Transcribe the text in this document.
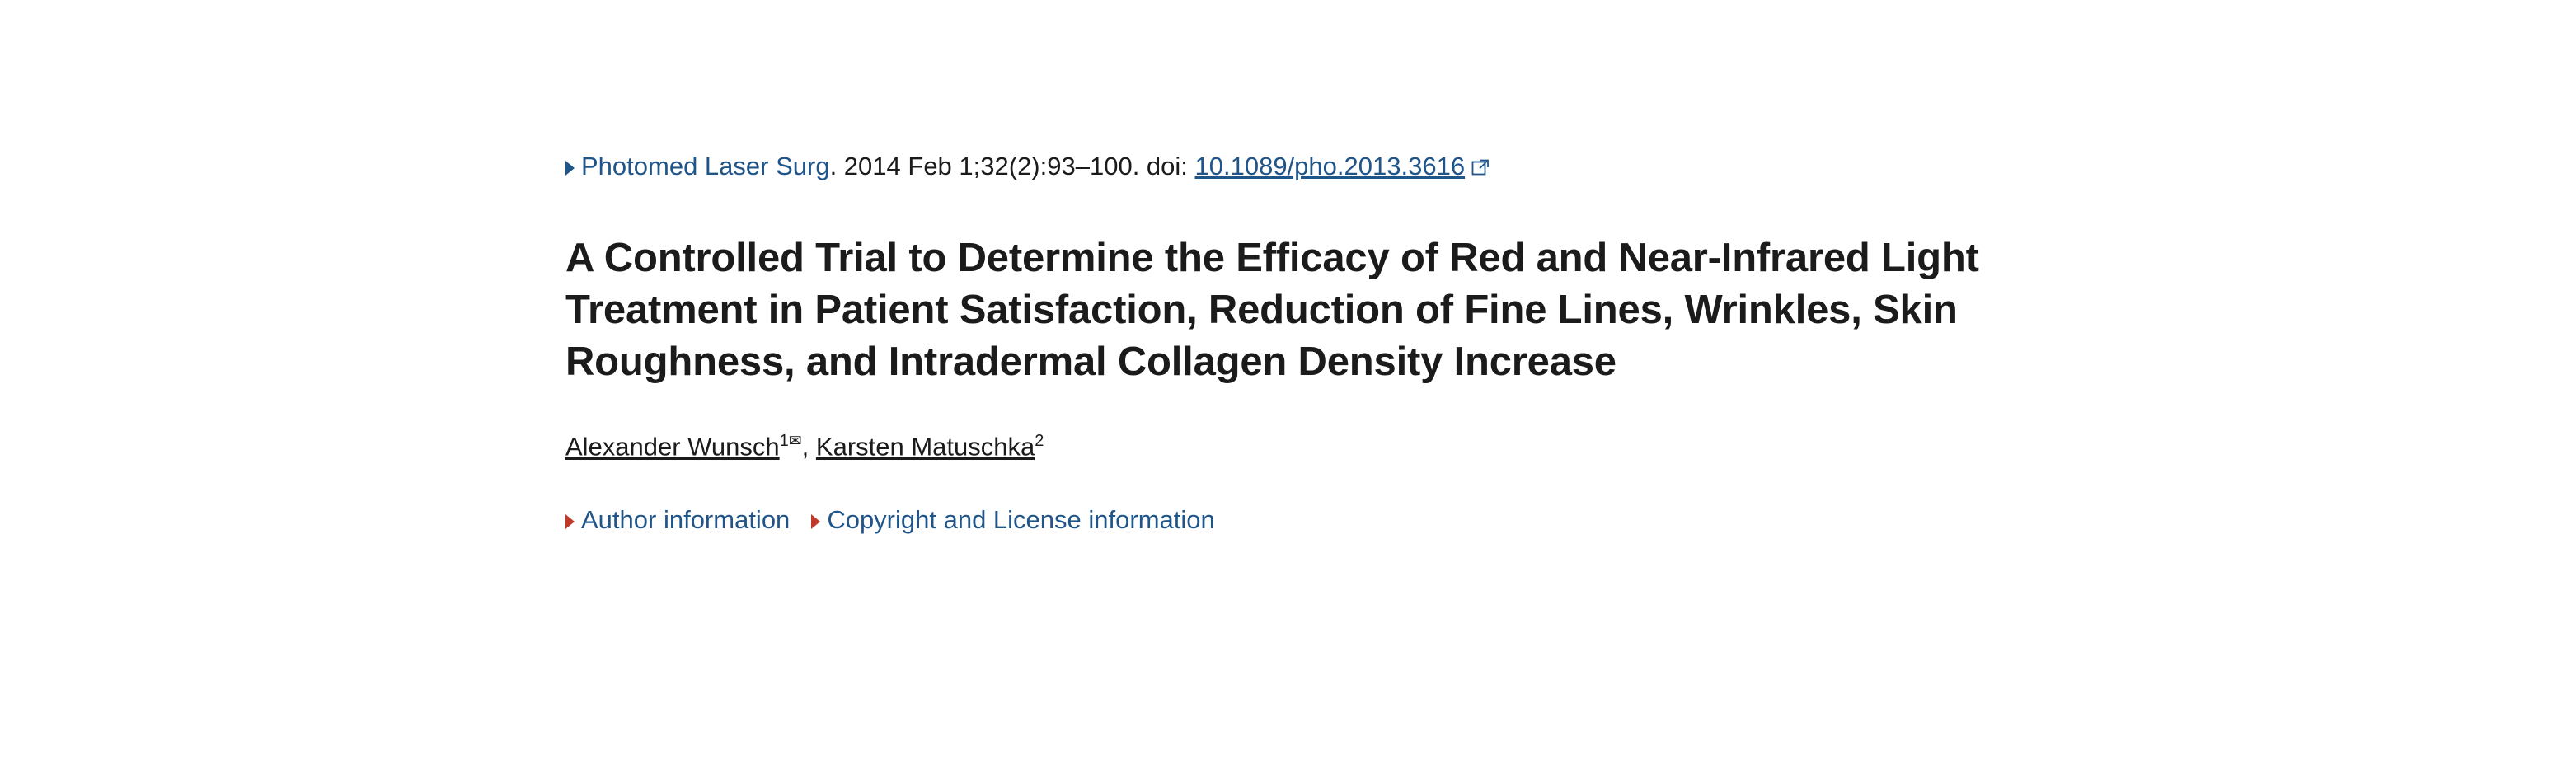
Photomed Laser Surg. 2014 Feb 1;32(2):93–100. doi: 10.1089/pho.2013.3616
A Controlled Trial to Determine the Efficacy of Red and Near-Infrared Light Treatment in Patient Satisfaction, Reduction of Fine Lines, Wrinkles, Skin Roughness, and Intradermal Collagen Density Increase
Alexander Wunsch$^{1✉}$, Karsten Matuschka$^2$
Author information Copyright and License information
